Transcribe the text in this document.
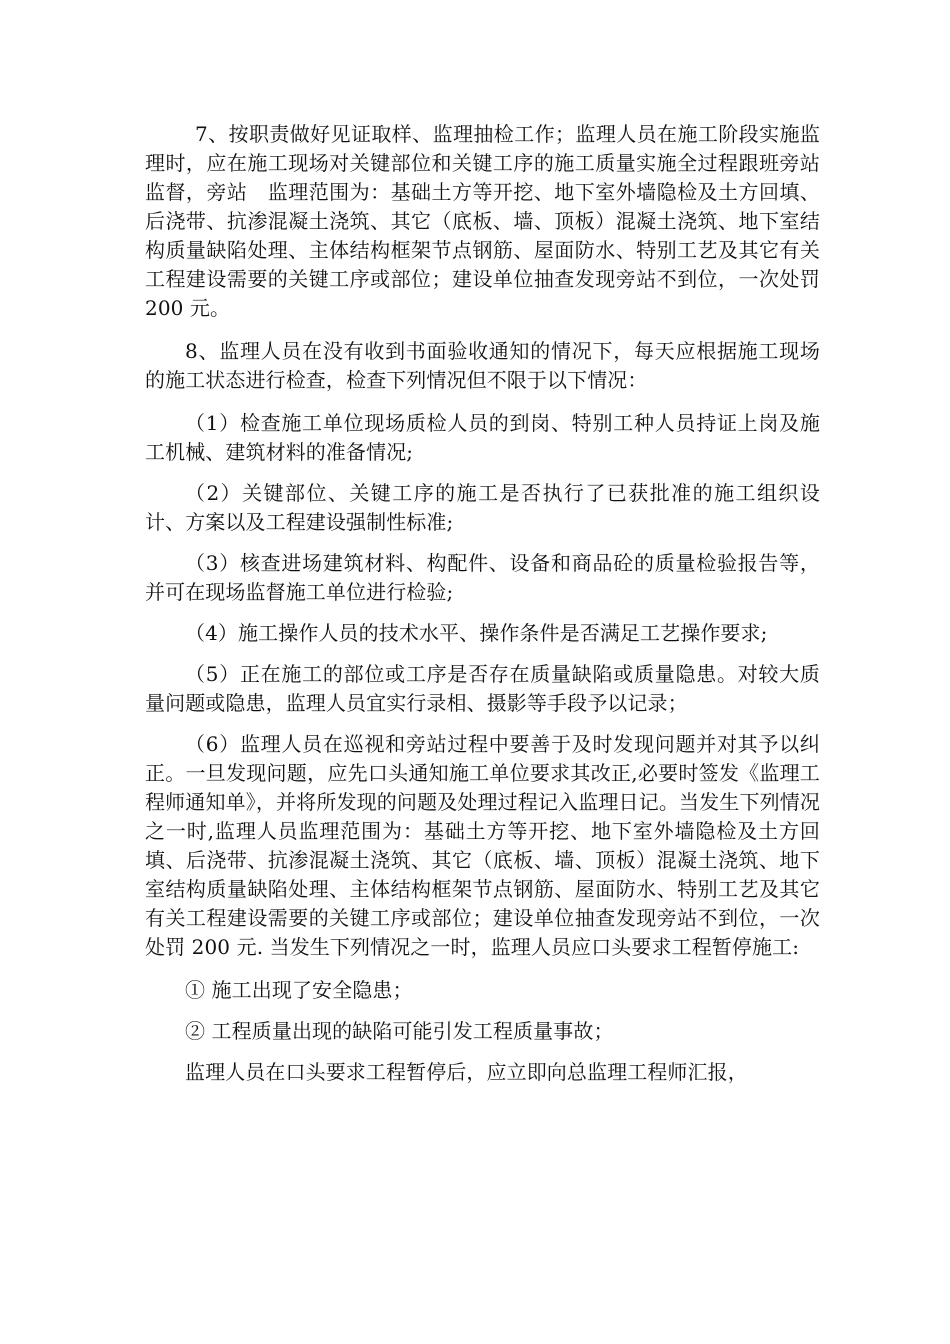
7、按职责做好见证取样、监理抽检工作；监理人员在施工阶段实施监理时，应在施工现场对关键部位和关键工序的施工质量实施全过程跟班旁站监督，旁站　监理范围为：基础土方等开挖、地下室外墙隐检及土方回填、后浇带、抗渗混凝土浇筑、其它（底板、墙、顶板）混凝土浇筑、地下室结构质量缺陷处理、主体结构框架节点钢筋、屋面防水、特别工艺及其它有关工程建设需要的关键工序或部位；建设单位抽查发现旁站不到位，一次处罚 200 元。

8、监理人员在没有收到书面验收通知的情况下，每天应根据施工现场的施工状态进行检查，检查下列情况但不限于以下情况：

（1）检查施工单位现场质检人员的到岗、特别工种人员持证上岗及施工机械、建筑材料的准备情况;

（2）关键部位、关键工序的施工是否执行了已获批准的施工组织设计、方案以及工程建设强制性标准;

（3）核查进场建筑材料、构配件、设备和商品砼的质量检验报告等，并可在现场监督施工单位进行检验;

（4）施工操作人员的技术水平、操作条件是否满足工艺操作要求;

（5）正在施工的部位或工序是否存在质量缺陷或质量隐患。对较大质量问题或隐患，监理人员宜实行录相、摄影等手段予以记录；

（6）监理人员在巡视和旁站过程中要善于及时发现问题并对其予以纠正。一旦发现问题，应先口头通知施工单位要求其改正,必要时签发《监理工程师通知单》，并将所发现的问题及处理过程记入监理日记。当发生下列情况之一时,监理人员监理范围为：基础土方等开挖、地下室外墙隐检及土方回填、后浇带、抗渗混凝土浇筑、其它（底板、墙、顶板）混凝土浇筑、地下室结构质量缺陷处理、主体结构框架节点钢筋、屋面防水、特别工艺及其它有关工程建设需要的关键工序或部位；建设单位抽查发现旁站不到位，一次处罚 200 元. 当发生下列情况之一时，监理人员应口头要求工程暂停施工:

① 施工出现了安全隐患；

② 工程质量出现的缺陷可能引发工程质量事故；

监理人员在口头要求工程暂停后，应立即向总监理工程师汇报，
